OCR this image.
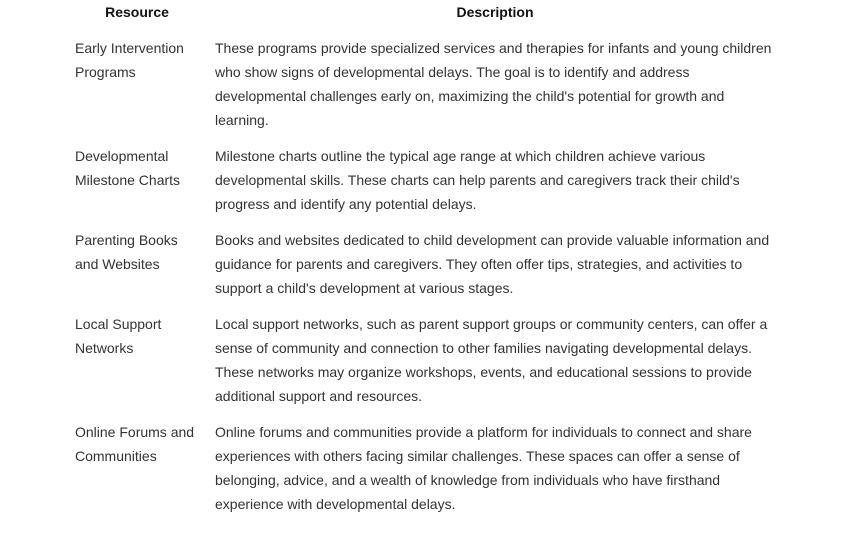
Resource	Description
Early Intervention Programs	These programs provide specialized services and therapies for infants and young children who show signs of developmental delays. The goal is to identify and address developmental challenges early on, maximizing the child's potential for growth and learning.
Developmental Milestone Charts	Milestone charts outline the typical age range at which children achieve various developmental skills. These charts can help parents and caregivers track their child's progress and identify any potential delays.
Parenting Books and Websites	Books and websites dedicated to child development can provide valuable information and guidance for parents and caregivers. They often offer tips, strategies, and activities to support a child's development at various stages.
Local Support Networks	Local support networks, such as parent support groups or community centers, can offer a sense of community and connection to other families navigating developmental delays. These networks may organize workshops, events, and educational sessions to provide additional support and resources.
Online Forums and Communities	Online forums and communities provide a platform for individuals to connect and share experiences with others facing similar challenges. These spaces can offer a sense of belonging, advice, and a wealth of knowledge from individuals who have firsthand experience with developmental delays.
